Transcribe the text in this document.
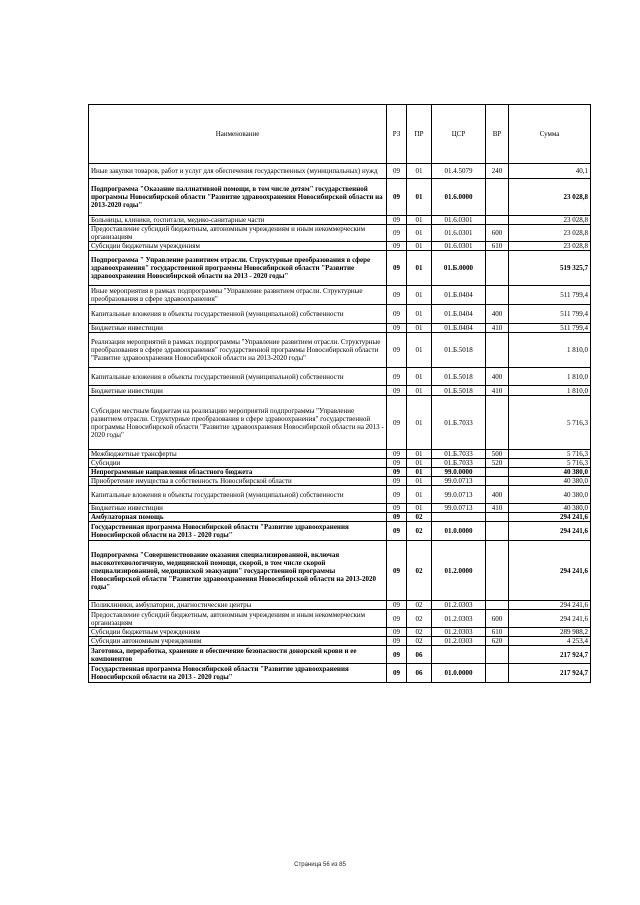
Наименование	РЗ	ПР	ЦСР	ВР	Сумма
Иные закупки товаров, работ и услуг для обеспечения государственных (муниципальных) нужд	09	01	01.4.5079	240	40,1
Подпрограмма "Оказание паллиативной помощи, в том числе детям" государственной программы Новосибирской области "Развитие здравоохранения Новосибирской области на 2013-2020 годы"	09	01	01.6.0000		23 028,8
Больницы, клиники, госпитали, медико-санитарные части	09	01	01.6.0301		23 028,8
Предоставление субсидий бюджетным, автономным учреждениям и иным некоммерческим организациям	09	01	01.6.0301	600	23 028,8
Субсидии бюджетным учреждениям	09	01	01.6.0301	610	23 028,8
Подпрограмма " Управление развитием отрасли. Структурные преобразования в сфере здравоохранения" государственной программы Новосибирской области "Развитие здравоохранения Новосибирской области на 2013 - 2020 годы"	09	01	01.Б.0000		519 325,7
Иные мероприятия в рамках подпрограммы "Управление развитием отрасли. Структурные преобразования в сфере здравоохранения"	09	01	01.Б.0404		511 799,4
Капитальные вложения в объекты государственной (муниципальной) собственности	09	01	01.Б.0404	400	511 799,4
Бюджетные инвестиции	09	01	01.Б.0404	410	511 799,4
Реализация мероприятий в рамках подпрограммы "Управление развитием отрасли. Структурные преобразования в сфере здравоохранения" государственной программы Новосибирской области "Развитие здравоохранения Новосибирской области на 2013-2020 годы"	09	01	01.Б.5018		1 810,0
Капитальные вложения в объекты государственной (муниципальной) собственности	09	01	01.Б.5018	400	1 810,0
Бюджетные инвестиции	09	01	01.Б.5018	410	1 810,0
Субсидии местным бюджетам на реализацию мероприятий подпрограммы "Управление развитием отрасли. Структурные преобразования в сфере здравоохранения" государственной программы Новосибирской области "Развитие здравоохранения Новосибирской области на 2013 - 2020 годы"	09	01	01.Б.7033		5 716,3
Межбюджетные трансферты	09	01	01.Б.7033	500	5 716,3
Субсидии	09	01	01.Б.7033	520	5 716,3
Непрограммные направления областного бюджета	09	01	99.0.0000		40 380,0
Приобретение имущества в собственность Новосибирской области	09	01	99.0.0713		40 380,0
Капитальные вложения в объекты государственной (муниципальной) собственности	09	01	99.0.0713	400	40 380,0
Бюджетные инвестиции	09	01	99.0.0713	410	40 380,0
Амбулаторная помощь	09	02			294 241,6
Государственная программа Новосибирской области "Развитие здравоохранения Новосибирской области на 2013 - 2020 годы"	09	02	01.0.0000		294 241,6
Подпрограмма "Совершенствование оказания специализированной, включая высокотехнологичную, медицинской помощи, скорой, в том числе скорой специализированной, медицинской эвакуации" государственной программы Новосибирской области "Развитие здравоохранения Новосибирской области на 2013-2020 годы"	09	02	01.2.0000		294 241,6
Поликлиники, амбулатории, диагностические центры	09	02	01.2.0303		294 241,6
Предоставление субсидий бюджетным, автономным учреждениям и иным некоммерческим организациям	09	02	01.2.0303	600	294 241,6
Субсидии бюджетным учреждениям	09	02	01.2.0303	610	289 988,2
Субсидии автономным учреждениям	09	02	01.2.0303	620	4 253,4
Заготовка, переработка, хранение и обеспечение безопасности донорской крови и ее компонентов	09	06			217 924,7
Государственная программа Новосибирской области "Развитие здравоохранения Новосибирской области на 2013 - 2020 годы"	09	06	01.0.0000		217 924,7
Страница 56 из 85
